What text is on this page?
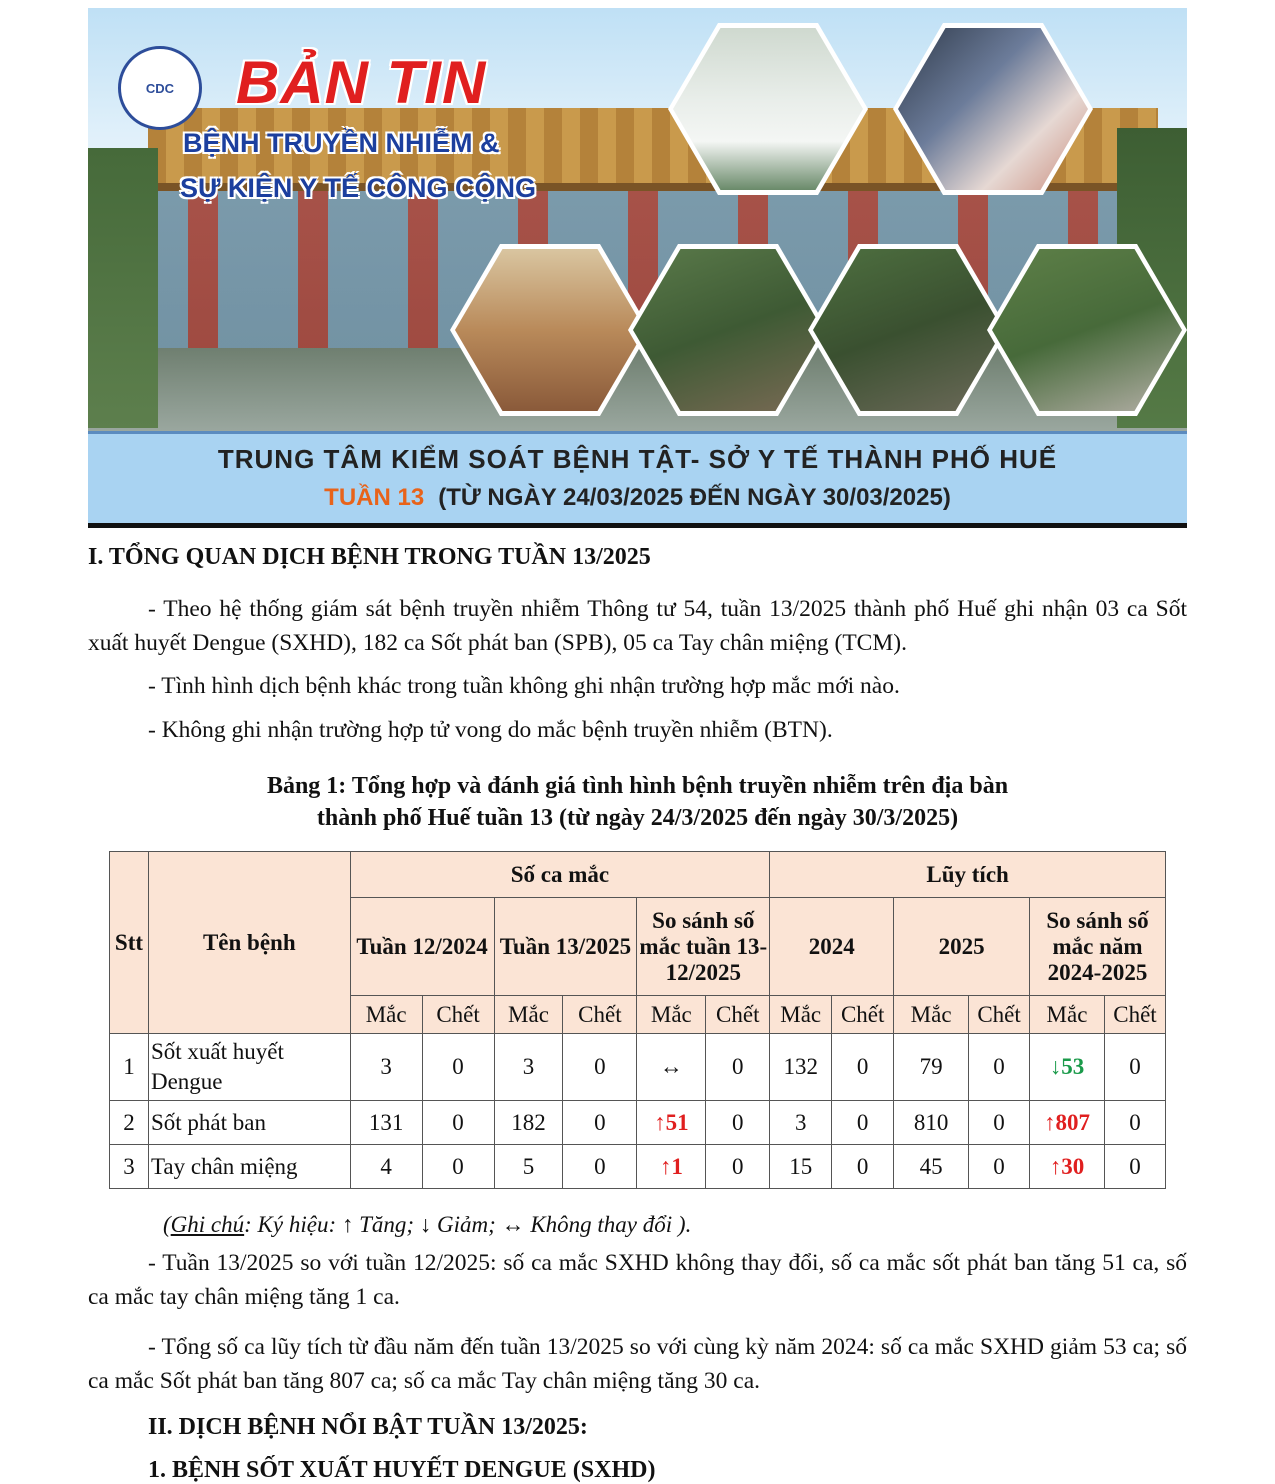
CDC BẢN TIN
BỆNH TRUYỀN NHIỄM &
SỰ KIỆN Y TẾ CÔNG CỘNG
TRUNG TÂM KIỂM SOÁT BỆNH TẬT- SỞ Y TẾ THÀNH PHỐ HUẾ
TUẦN 13 (TỪ NGÀY 24/03/2025 ĐẾN NGÀY 30/03/2025)
I. TỔNG QUAN DỊCH BỆNH TRONG TUẦN 13/2025
- Theo hệ thống giám sát bệnh truyền nhiễm Thông tư 54, tuần 13/2025 thành phố Huế ghi nhận 03 ca Sốt xuất huyết Dengue (SXHD), 182 ca Sốt phát ban (SPB), 05 ca Tay chân miệng (TCM).
- Tình hình dịch bệnh khác trong tuần không ghi nhận trường hợp mắc mới nào.
- Không ghi nhận trường hợp tử vong do mắc bệnh truyền nhiễm (BTN).
Bảng 1: Tổng hợp và đánh giá tình hình bệnh truyền nhiễm trên địa bàn
thành phố Huế tuần 13 (từ ngày 24/3/2025 đến ngày 30/3/2025)
Stt	Tên bệnh	Số ca mắc						Lũy tích					
		Tuần 12/2024		Tuần 13/2025		So sánh số mắc tuần 13-12/2025		2024		2025		So sánh số mắc năm 2024-2025	
		Mắc	Chết	Mắc	Chết	Mắc	Chết	Mắc	Chết	Mắc	Chết	Mắc	Chết
1	Sốt xuất huyết Dengue	3	0	3	0	↔	0	132	0	79	0	↓53	0
2	Sốt phát ban	131	0	182	0	↑51	0	3	0	810	0	↑807	0
3	Tay chân miệng	4	0	5	0	↑1	0	15	0	45	0	↑30	0
(Ghi chú: Ký hiệu: ↑ Tăng; ↓ Giảm; ↔ Không thay đổi ).
- Tuần 13/2025 so với tuần 12/2025: số ca mắc SXHD không thay đổi, số ca mắc sốt phát ban tăng 51 ca, số ca mắc tay chân miệng tăng 1 ca.
- Tổng số ca lũy tích từ đầu năm đến tuần 13/2025 so với cùng kỳ năm 2024: số ca mắc SXHD giảm 53 ca; số ca mắc Sốt phát ban tăng 807 ca; số ca mắc Tay chân miệng tăng 30 ca.
II. DỊCH BỆNH NỔI BẬT TUẦN 13/2025:
1. BỆNH SỐT XUẤT HUYẾT DENGUE (SXHD)
